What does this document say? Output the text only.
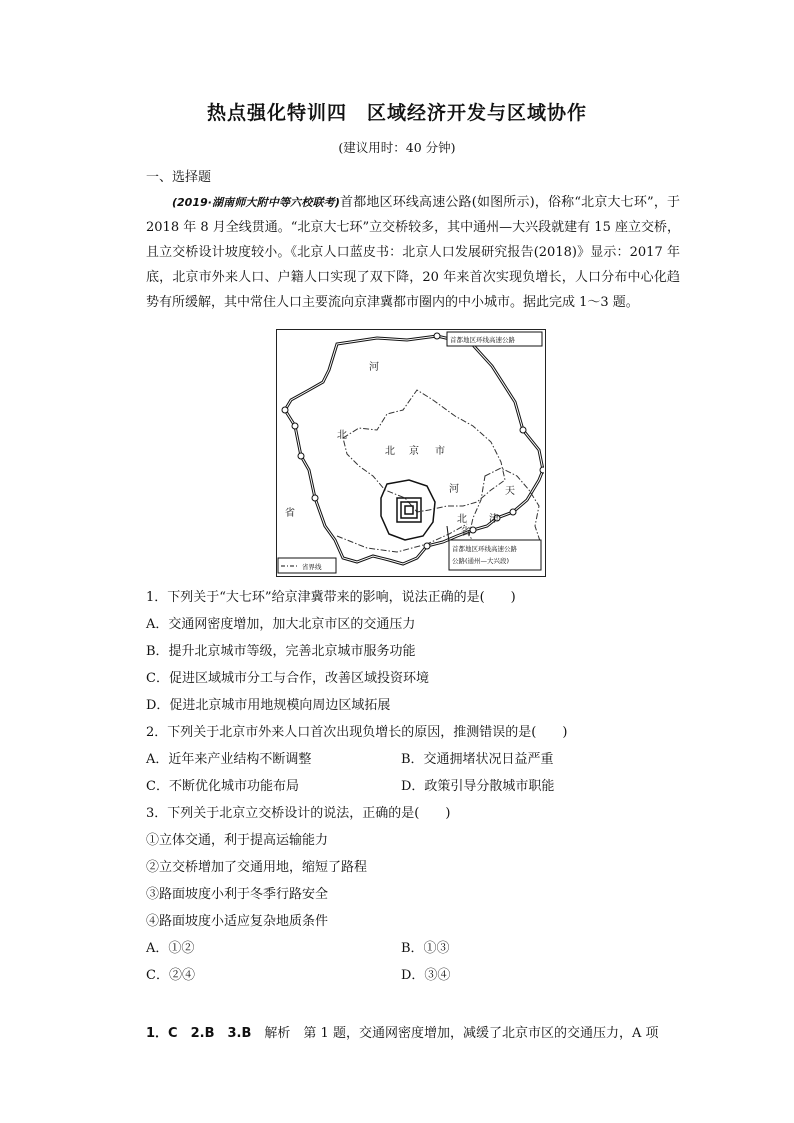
热点强化特训四　区域经济开发与区域协作
(建议用时：40 分钟)
一、选择题
(2019·湖南师大附中等六校联考)首都地区环线高速公路(如图所示)，俗称“北京大七环”，于 2018 年 8 月全线贯通。“北京大七环”立交桥较多，其中通州—大兴段就建有 15 座立交桥，且立交桥设计坡度较小。《北京人口蓝皮书：北京人口发展研究报告(2018)》显示：2017 年底，北京市外来人口、户籍人口实现了双下降，20 年来首次实现负增长，人口分布中心化趋势有所缓解，其中常住人口主要流向京津冀都市圈内的中小城市。据此完成 1～3 题。
河
北
省
北 京 市
天
津
河
北
省
首都地区环线高速公路
首都地区环线高速公路
公路(通州—大兴段)
省界线
1．下列关于“大七环”给京津冀带来的影响，说法正确的是(　　)
A．交通网密度增加，加大北京市区的交通压力
B．提升北京城市等级，完善北京城市服务功能
C．促进区域城市分工与合作，改善区域投资环境
D．促进北京城市用地规模向周边区域拓展
2．下列关于北京市外来人口首次出现负增长的原因，推测错误的是(　　)
A．近年来产业结构不断调整	B．交通拥堵状况日益严重
C．不断优化城市功能布局	D．政策引导分散城市职能
3．下列关于北京立交桥设计的说法，正确的是(　　)
①立体交通，利于提高运输能力
②立交桥增加了交通用地，缩短了路程
③路面坡度小利于冬季行路安全
④路面坡度小适应复杂地质条件
A．①②	B．①③
C．②④	D．③④
1．C　2.B　3.B　 解析　 第 1 题，交通网密度增加，减缓了北京市区的交通压力，A 项
